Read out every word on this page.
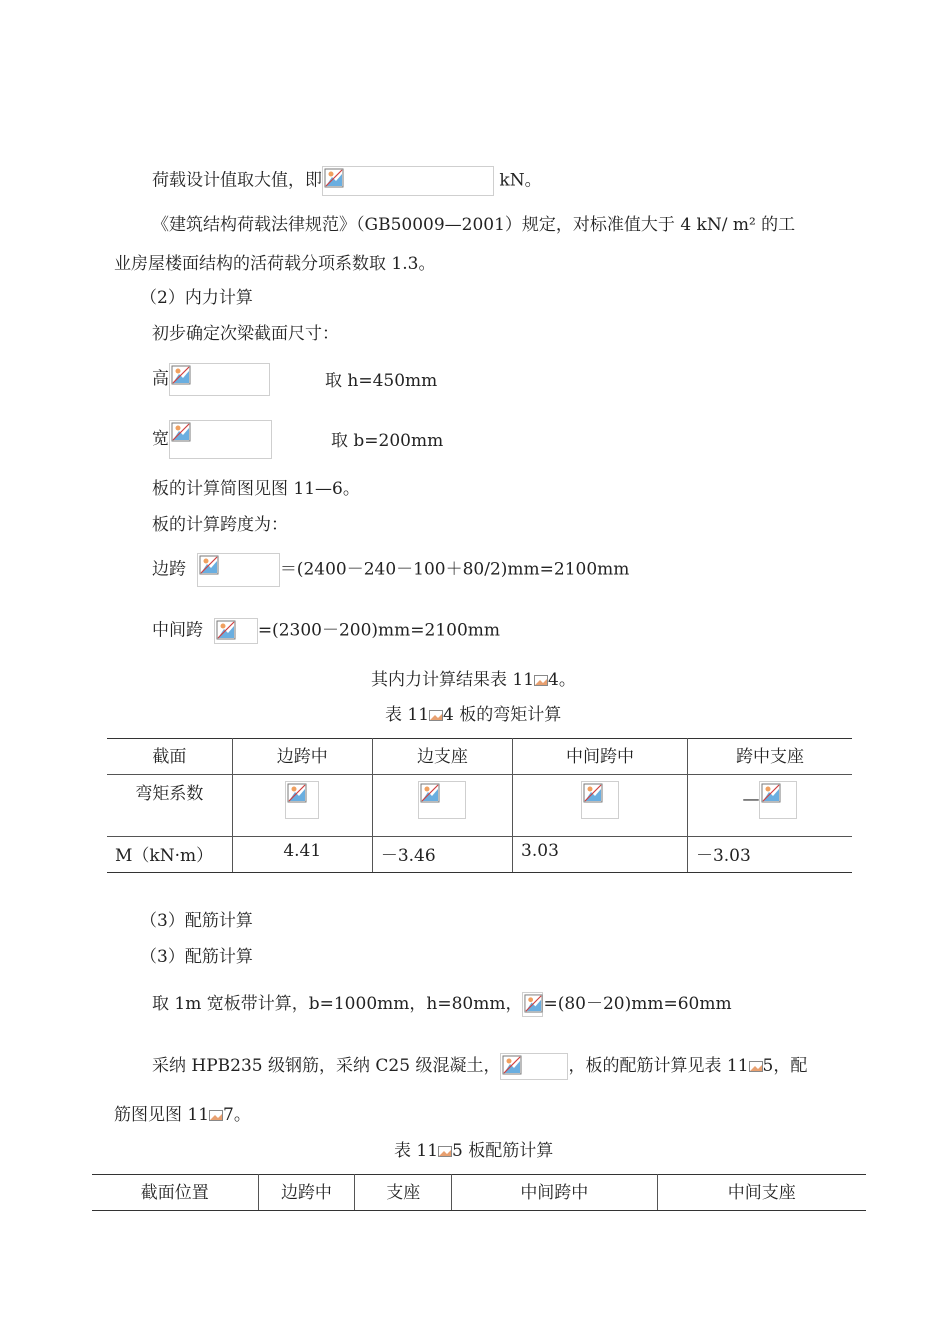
荷载设计值取大值，即	kN。
《建筑结构荷载法律规范》（GB50009—2001）规定，对标准值大于 4 kN/ m² 的工
业房屋楼面结构的活荷载分项系数取 1.3。
（2）内力计算
初步确定次梁截面尺寸：
高	取 h=450mm
宽	取 b=200mm
板的计算简图见图 11—6。
板的计算跨度为：
边跨	＝(2400－240－100＋80/2)mm=2100mm
中间跨	=(2300－200)mm=2100mm
其内力计算结果表 11 4。
表 11 4 板的弯矩计算
截面	边跨中	边支座	中间跨中	跨中支座
弯矩系数				—

M（kN·m）	4.41	－3.46	3.03	－3.03
（3）配筋计算
（3）配筋计算
取 1m 宽板带计算，b=1000mm，h=80mm， =(80－20)mm=60mm
采纳 HPB235 级钢筋，采纳 C25 级混凝土，	，板的配筋计算见表 11 5，配
筋图见图 11 7。
表 11 5 板配筋计算
截面位置	边跨中	支座	中间跨中	中间支座
